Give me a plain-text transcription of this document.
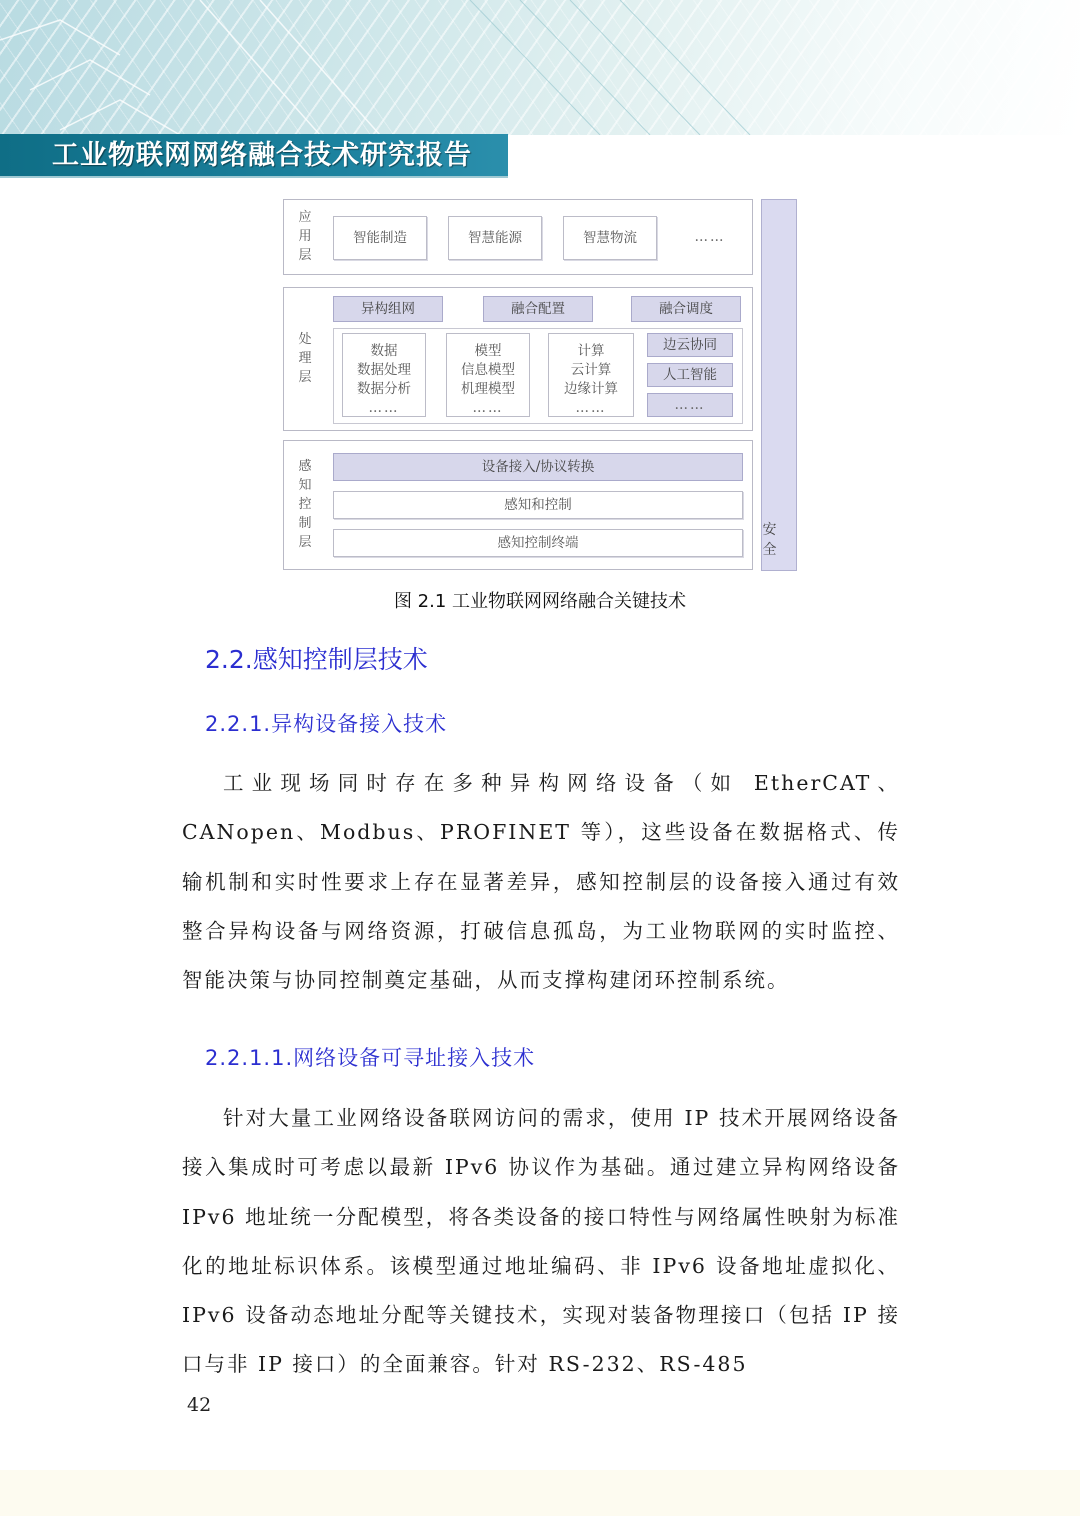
工业物联网网络融合技术研究报告
应用层
智能制造	智慧能源	智慧物流	……
处理层
异构组网	融合配置	融合调度
数据
数据处理
数据分析
……
模型
信息模型
机理模型
……
计算
云计算
边缘计算
……
边云协同
人工智能
……
感知控制层
设备接入/协议转换
感知和控制
感知控制终端
安全
图 2.1 工业物联网网络融合关键技术
2.2.感知控制层技术
2.2.1.异构设备接入技术
工业现场同时存在多种异构网络设备（如 EtherCAT、CANopen、Modbus、PROFINET 等），这些设备在数据格式、传输机制和实时性要求上存在显著差异，感知控制层的设备接入通过有效整合异构设备与网络资源，打破信息孤岛，为工业物联网的实时监控、智能决策与协同控制奠定基础，从而支撑构建闭环控制系统。
2.2.1.1.网络设备可寻址接入技术
针对大量工业网络设备联网访问的需求，使用 IP 技术开展网络设备接入集成时可考虑以最新 IPv6 协议作为基础。通过建立异构网络设备 IPv6 地址统一分配模型，将各类设备的接口特性与网络属性映射为标准化的地址标识体系。该模型通过地址编码、非 IPv6 设备地址虚拟化、IPv6 设备动态地址分配等关键技术，实现对装备物理接口（包括 IP 接口与非 IP 接口）的全面兼容。针对 RS-232、RS-485
42
